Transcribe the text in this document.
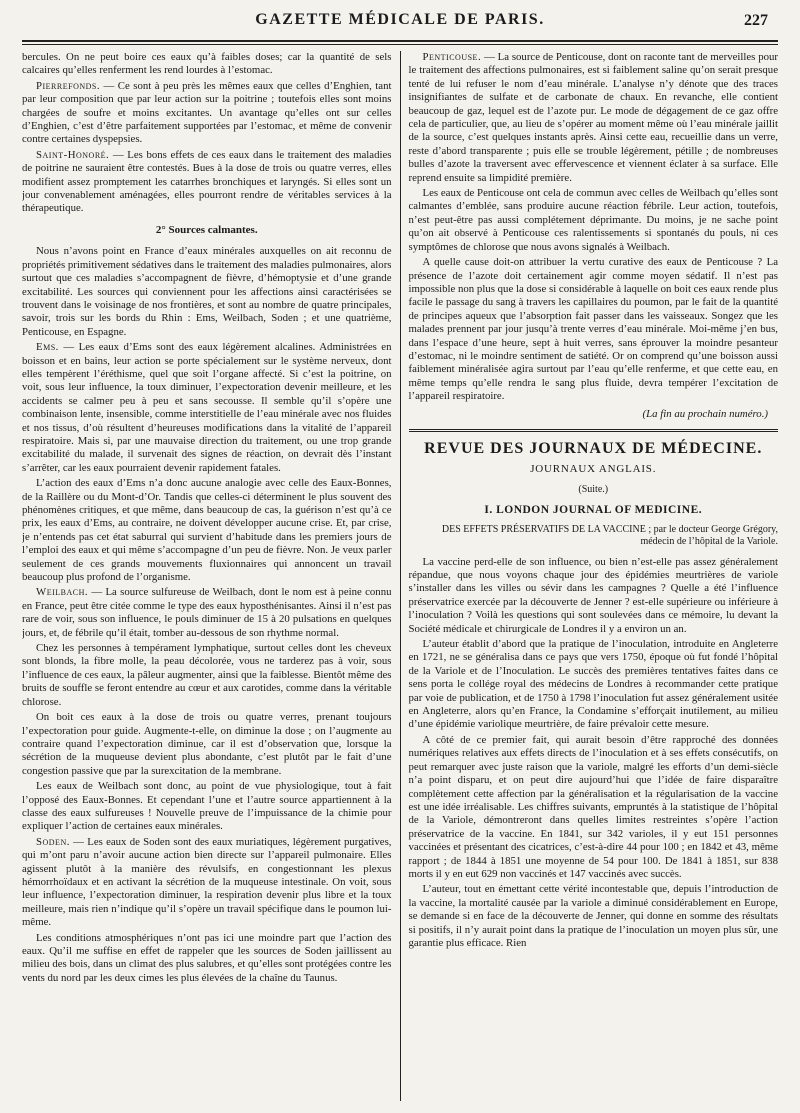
GAZETTE MÉDICALE DE PARIS.	227

bercules. On ne peut boire ces eaux qu’à faibles doses; car la quantité de sels calcaires qu’elles renferment les rend lourdes à l’estomac.

Pierrefonds. — Ce sont à peu près les mêmes eaux que celles d’Enghien, tant par leur composition que par leur action sur la poitrine ; toutefois elles sont moins chargées de soufre et moins excitantes. Un avantage qu’elles ont sur celles d’Enghien, c’est d’être parfaitement supportées par l’estomac, et même de convenir contre certaines dyspepsies.

Saint-Honoré. — Les bons effets de ces eaux dans le traitement des maladies de poitrine ne sauraient être contestés. Bues à la dose de trois ou quatre verres, elles modifient assez promptement les catarrhes bronchiques et laryngés. Si elles sont un jour convenablement aménagées, elles pourront rendre de véritables services à la thérapeutique.

2° Sources calmantes.

Nous n’avons point en France d’eaux minérales auxquelles on ait reconnu de propriétés primitivement sédatives dans le traitement des maladies pulmonaires, alors surtout que ces maladies s’accompagnent de fièvre, d’hémoptysie et d’une grande excitabilité. Les sources qui conviennent pour les affections ainsi caractérisées se trouvent dans le voisinage de nos frontières, et sont au nombre de quatre principales, savoir, trois sur les bords du Rhin : Ems, Weilbach, Soden ; et une quatrième, Penticouse, en Espagne.

Ems. — Les eaux d’Ems sont des eaux légèrement alcalines. Administrées en boisson et en bains, leur action se porte spécialement sur le système nerveux, dont elles tempèrent l’éréthisme, quel que soit l’organe affecté. Si c’est la poitrine, on voit, sous leur influence, la toux diminuer, l’expectoration devenir meilleure, et les accidents se calmer peu à peu et sans secousse. Il semble qu’il s’opère une combinaison lente, insensible, comme interstitielle de l’eau minérale avec nos fluides et nos tissus, d’où résultent d’heureuses modifications dans la vitalité de l’appareil respiratoire. Mais si, par une mauvaise direction du traitement, ou une trop grande excitabilité du malade, il survenait des signes de réaction, on devrait dès l’instant s’arrêter, car les eaux pourraient devenir rapidement fatales.

L’action des eaux d’Ems n’a donc aucune analogie avec celle des Eaux-Bonnes, de la Raillère ou du Mont-d’Or. Tandis que celles-ci déterminent le plus souvent des phénomènes critiques, et que même, dans beaucoup de cas, la guérison n’est qu’à ce prix, les eaux d’Ems, au contraire, ne doivent développer aucune crise. Et, par crise, je n’entends pas cet état saburral qui survient d’habitude dans les premiers jours de l’emploi des eaux et qui même s’accompagne d’un peu de fièvre. Non. Je veux parler seulement de ces grands mouvements fluxionnaires qui annoncent un travail beaucoup plus profond de l’organisme.

Weilbach. — La source sulfureuse de Weilbach, dont le nom est à peine connu en France, peut être citée comme le type des eaux hyposthénisantes. Ainsi il n’est pas rare de voir, sous son influence, le pouls diminuer de 15 à 20 pulsations en quelques jours, et, de fébrile qu’il était, tomber au-dessous de son rhythme normal.

Chez les personnes à tempérament lymphatique, surtout celles dont les cheveux sont blonds, la fibre molle, la peau décolorée, vous ne tarderez pas à voir, sous l’influence de ces eaux, la pâleur augmenter, ainsi que la faiblesse. Bientôt même des bruits de souffle se feront entendre au cœur et aux carotides, comme dans la véritable chlorose.

On boit ces eaux à la dose de trois ou quatre verres, prenant toujours l’expectoration pour guide. Augmente-t-elle, on diminue la dose ; on l’augmente au contraire quand l’expectoration diminue, car il est d’observation que, lorsque la sécrétion de la muqueuse devient plus abondante, c’est plutôt par le fait d’une congestion passive que par la surexcitation de la membrane.

Les eaux de Weilbach sont donc, au point de vue physiologique, tout à fait l’opposé des Eaux-Bonnes. Et cependant l’une et l’autre source appartiennent à la classe des eaux sulfureuses ! Nouvelle preuve de l’impuissance de la chimie pour expliquer l’action de certaines eaux minérales.

Soden. — Les eaux de Soden sont des eaux muriatiques, légèrement purgatives, qui m’ont paru n’avoir aucune action bien directe sur l’appareil pulmonaire. Elles agissent plutôt à la manière des révulsifs, en congestionnant les plexus hémorrhoïdaux et en activant la sécrétion de la muqueuse intestinale. On voit, sous leur influence, l’expectoration diminuer, la respiration devenir plus libre et la toux meilleure, mais rien n’indique qu’il s’opère un travail spécifique dans le poumon lui-même.

Les conditions atmosphériques n’ont pas ici une moindre part que l’action des eaux. Qu’il me suffise en effet de rappeler que les sources de Soden jaillissent au milieu des bois, dans un climat des plus salubres, et qu’elles sont protégées contre les vents du nord par les deux cimes les plus élevées de la chaîne du Taunus.

Penticouse. — La source de Penticouse, dont on raconte tant de merveilles pour le traitement des affections pulmonaires, est si faiblement saline qu’on serait presque tenté de lui refuser le nom d’eau minérale. L’analyse n’y dénote que des traces insignifiantes de sulfate et de carbonate de chaux. En revanche, elle contient beaucoup de gaz, lequel est de l’azote pur. Le mode de dégagement de ce gaz offre cela de particulier, que, au lieu de s’opérer au moment même où l’eau minérale jaillit de la source, c’est quelques instants après. Ainsi cette eau, recueillie dans un verre, reste d’abord transparente ; puis elle se trouble légèrement, pétille ; de nombreuses bulles d’azote la traversent avec effervescence et viennent éclater à sa surface. Elle reprend ensuite sa limpidité première.

Les eaux de Penticouse ont cela de commun avec celles de Weilbach qu’elles sont calmantes d’emblée, sans produire aucune réaction fébrile. Leur action, toutefois, n’est peut-être pas aussi complétement déprimante. Du moins, je ne sache point qu’on ait observé à Penticouse ces ralentissements si spontanés du pouls, ni ces symptômes de chlorose que nous avons signalés à Weilbach.

A quelle cause doit-on attribuer la vertu curative des eaux de Penticouse ? La présence de l’azote doit certainement agir comme moyen sédatif. Il n’est pas impossible non plus que la dose si considérable à laquelle on boit ces eaux rende plus facile le passage du sang à travers les capillaires du poumon, par le fait de la quantité de principes aqueux que l’absorption fait passer dans les vaisseaux. Songez que les malades prennent par jour jusqu’à trente verres d’eau minérale. Moi-même j’en bus, dans l’espace d’une heure, sept à huit verres, sans éprouver la moindre pesanteur d’estomac, ni le moindre sentiment de satiété. Or on comprend qu’une boisson aussi faiblement minéralisée agira surtout par l’eau qu’elle renferme, et que cette eau, en même temps qu’elle rendra le sang plus fluide, devra tempérer l’excitation de l’appareil respiratoire.

(La fin au prochain numéro.)
REVUE DES JOURNAUX DE MÉDECINE.
JOURNAUX ANGLAIS.
(Suite.)
I. LONDON JOURNAL OF MEDICINE.
DES EFFETS PRÉSERVATIFS DE LA VACCINE ; par le docteur George Grégory, médecin de l’hôpital de la Variole.

La vaccine perd-elle de son influence, ou bien n’est-elle pas assez généralement répandue, que nous voyons chaque jour des épidémies meurtrières de variole s’installer dans les villes ou sévir dans les campagnes ? Quelle a été l’influence préservatrice exercée par la découverte de Jenner ? est-elle supérieure ou inférieure à l’inoculation ? Voilà les questions qui sont soulevées dans ce mémoire, lu devant la Société médicale et chirurgicale de Londres il y a environ un an.

L’auteur établit d’abord que la pratique de l’inoculation, introduite en Angleterre en 1721, ne se généralisa dans ce pays que vers 1750, époque où fut fondé l’hôpital de la Variole et de l’Inoculation. Le succès des premières tentatives faites dans ce sens porta le collége royal des médecins de Londres à recommander cette pratique par voie de publication, et de 1750 à 1798 l’inoculation fut assez généralement usitée en Angleterre, alors qu’en France, la Condamine s’efforçait inutilement, au milieu d’une épidémie variolique meurtrière, de faire prévaloir cette mesure.

A côté de ce premier fait, qui aurait besoin d’être rapproché des données numériques relatives aux effets directs de l’inoculation et à ses effets consécutifs, on peut remarquer avec juste raison que la variole, malgré les efforts d’un demi-siècle n’a point disparu, et on peut dire aujourd’hui que l’idée de faire disparaître complètement cette affection par la généralisation et la régularisation de la vaccine est une idée irréalisable. Les chiffres suivants, empruntés à la statistique de l’hôpital de la Variole, démontreront dans quelles limites restreintes s’opère l’action préservatrice de la vaccine. En 1841, sur 342 varioles, il y eut 151 personnes vaccinées et présentant des cicatrices, c’est-à-dire 44 pour 100 ; en 1842 et 43, même rapport ; de 1844 à 1851 une moyenne de 54 pour 100. De 1841 à 1851, sur 838 morts il y en eut 629 non vaccinés et 147 vaccinés avec succès.

L’auteur, tout en émettant cette vérité incontestable que, depuis l’introduction de la vaccine, la mortalité causée par la variole a diminué considérablement en Europe, se demande si en face de la découverte de Jenner, qui donne en somme des résultats si positifs, il n’y aurait point dans la pratique de l’inoculation un moyen plus sûr, une garantie plus efficace. Rien
